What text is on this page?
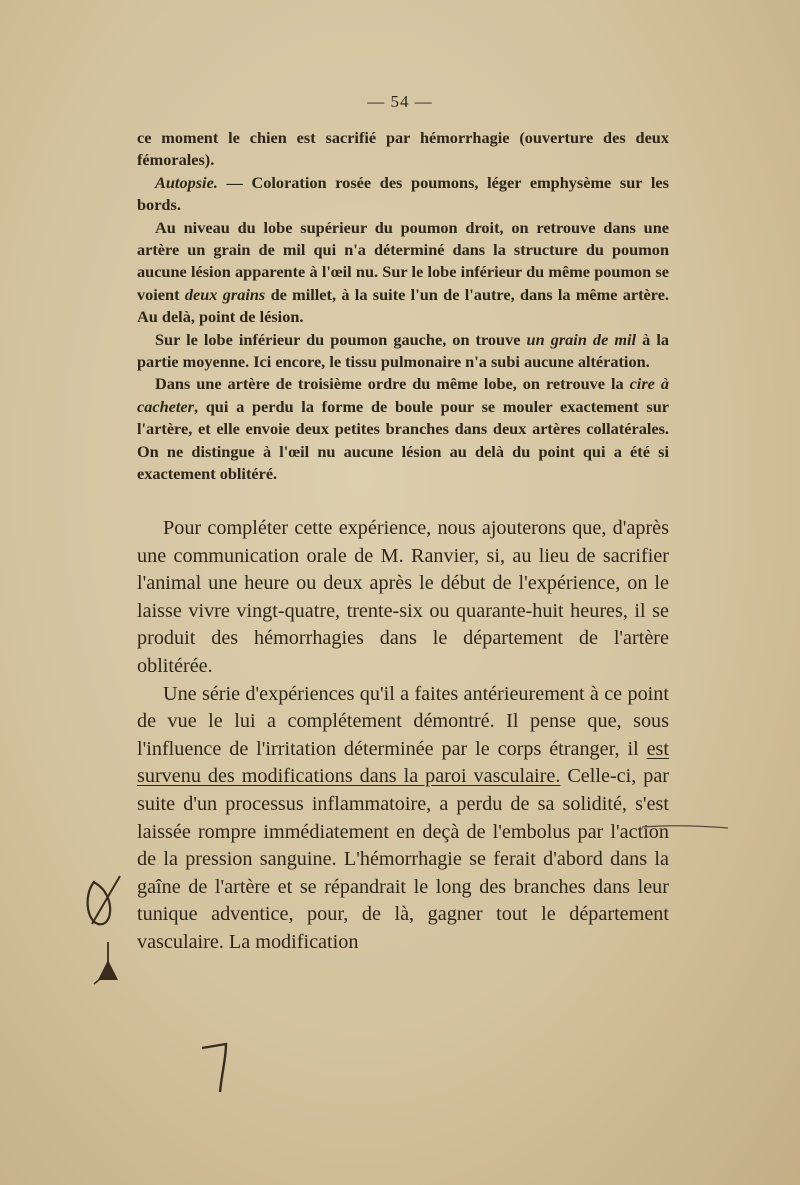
— 54 —

ce moment le chien est sacrifié par hémorrhagie (ouverture des deux fémorales).

Autopsie. — Coloration rosée des poumons, léger emphysème sur les bords.

Au niveau du lobe supérieur du poumon droit, on retrouve dans une artère un grain de mil qui n'a déterminé dans la structure du poumon aucune lésion apparente à l'œil nu. Sur le lobe inférieur du même poumon se voient deux grains de millet, à la suite l'un de l'autre, dans la même artère. Au delà, point de lésion.

Sur le lobe inférieur du poumon gauche, on trouve un grain de mil à la partie moyenne. Ici encore, le tissu pulmonaire n'a subi aucune altération.

Dans une artère de troisième ordre du même lobe, on retrouve la cire à cacheter, qui a perdu la forme de boule pour se mouler exactement sur l'artère, et elle envoie deux petites branches dans deux artères collatérales. On ne distingue à l'œil nu aucune lésion au delà du point qui a été si exactement oblitéré.

Pour compléter cette expérience, nous ajouterons que, d'après une communication orale de M. Ranvier, si, au lieu de sacrifier l'animal une heure ou deux après le début de l'expérience, on le laisse vivre vingt-quatre, trente-six ou quarante-huit heures, il se produit des hémorrhagies dans le département de l'artère oblitérée.

Une série d'expériences qu'il a faites antérieurement à ce point de vue le lui a complétement démontré. Il pense que, sous l'influence de l'irritation déterminée par le corps étranger, il est survenu des modifications dans la paroi vasculaire. Celle-ci, par suite d'un processus inflammatoire, a perdu de sa solidité, s'est laissée rompre immédiatement en deçà de l'embolus par l'action de la pression sanguine. L'hémorrhagie se ferait d'abord dans la gaîne de l'artère et se répandrait le long des branches dans leur tunique adventice, pour, de là, gagner tout le département vasculaire. La modification
